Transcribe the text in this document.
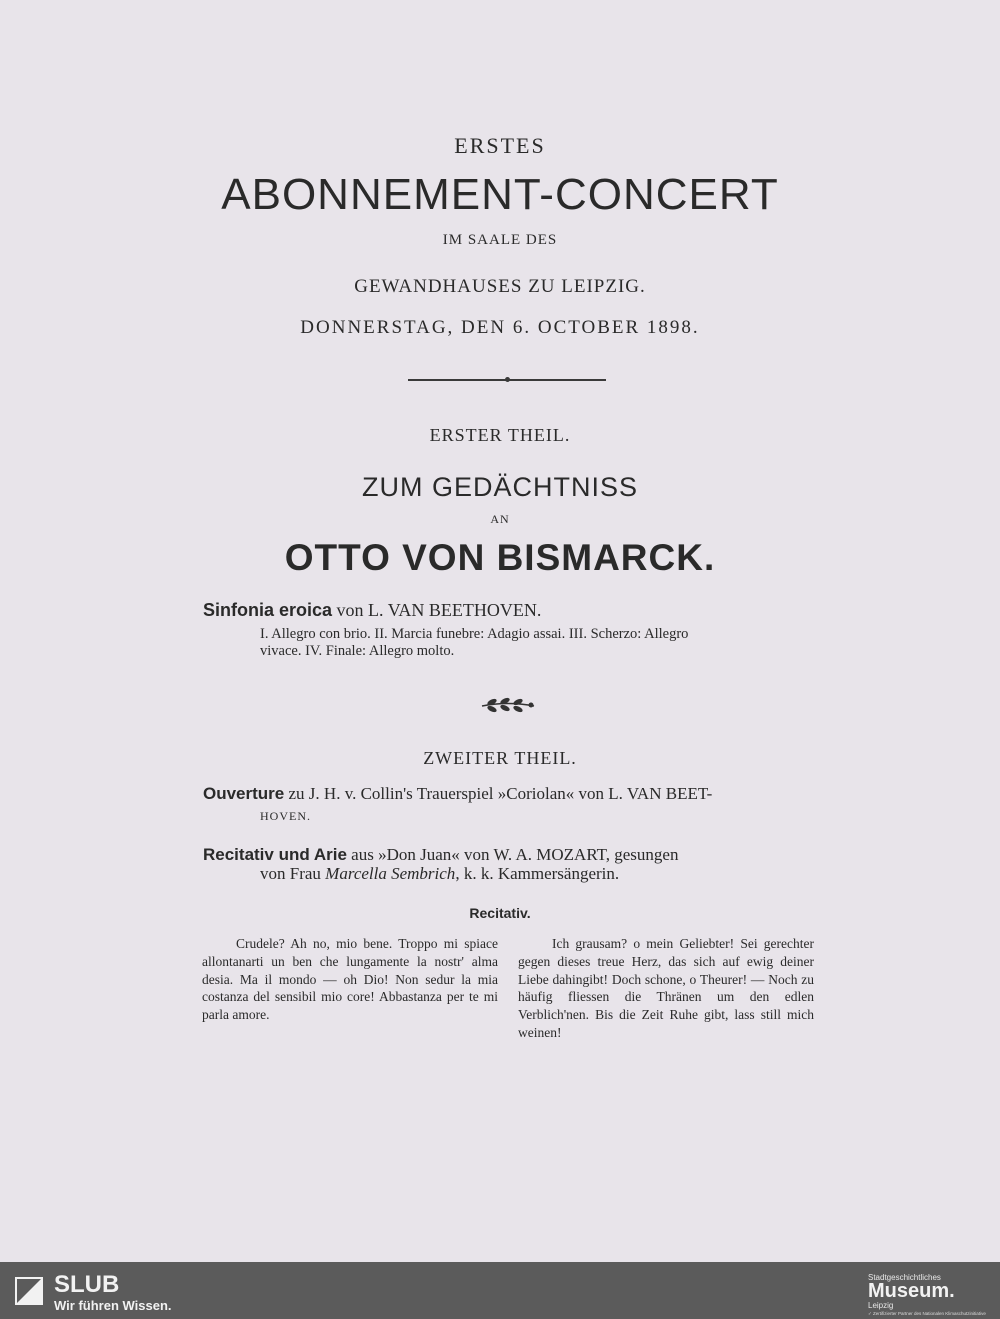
ERSTES
ABONNEMENT-CONCERT
IM SAALE DES
GEWANDHAUSES ZU LEIPZIG.
DONNERSTAG, DEN 6. OCTOBER 1898.
ERSTER THEIL.
ZUM GEDÄCHTNISS
AN
OTTO VON BISMARCK.
Sinfonia eroica von L. VAN BEETHOVEN.
I. Allegro con brio. II. Marcia funebre: Adagio assai. III. Scherzo: Allegro
vivace. IV. Finale: Allegro molto.
ZWEITER THEIL.
Ouverture zu J. H. v. Collin's Trauerspiel »Coriolan« von L. VAN BEET-
HOVEN.
Recitativ und Arie aus »Don Juan« von W. A. MOZART, gesungen
von Frau Marcella Sembrich, k. k. Kammersängerin.
Recitativ.

Crudele? Ah no, mio bene. Troppo mi spiace allontanarti un ben che lungamente la nostr' alma desia. Ma il mondo — oh Dio! Non sedur la mia costanza del sensibil mio core! Abbastanza per te mi parla amore.

Ich grausam? o mein Geliebter! Sei gerechter gegen dieses treue Herz, das sich auf ewig deiner Liebe dahingibt! Doch schone, o Theurer! — Noch zu häufig fliessen die Thränen um den edlen Verblich'nen. Bis die Zeit Ruhe gibt, lass still mich weinen!

SLUB
Wir führen Wissen.
Stadtgeschichtliches
Museum.
Leipzig
✓ Zertifizierter Partner des Nationalen Klimaschutzinitiative
